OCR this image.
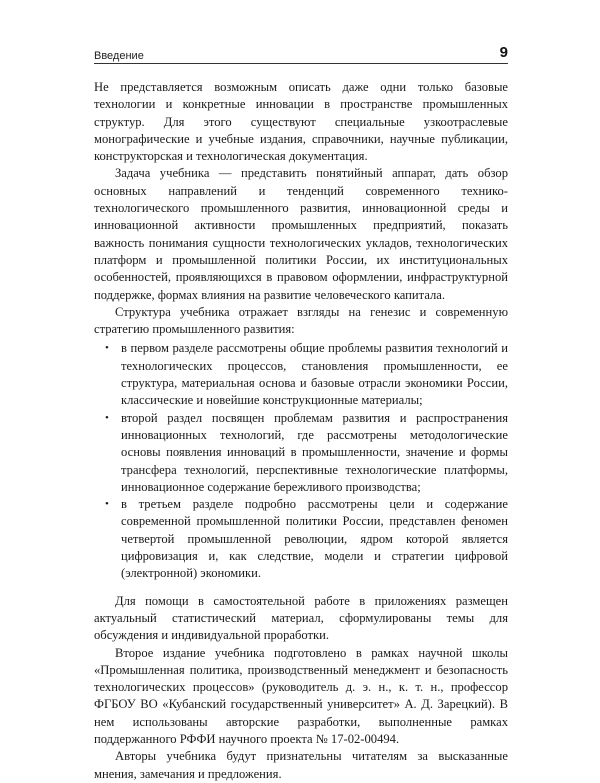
Введение	9

Не представляется возможным описать даже одни только базовые технологии и конкретные инновации в пространстве промышленных структур. Для этого существуют специальные узкоотраслевые монографические и учебные издания, справочники, научные публикации, конструкторская и технологическая документация.

Задача учебника — представить понятийный аппарат, дать обзор основных направлений и тенденций современного технико-технологического промышленного развития, инновационной среды и инновационной активности промышленных предприятий, показать важность понимания сущности технологических укладов, технологических платформ и промышленной политики России, их институциональных особенностей, проявляющихся в правовом оформлении, инфраструктурной поддержке, формах влияния на развитие человеческого капитала.

Структура учебника отражает взгляды на генезис и современную стратегию промышленного развития:

• в первом разделе рассмотрены общие проблемы развития технологий и технологических процессов, становления промышленности, ее структура, материальная основа и базовые отрасли экономики России, классические и новейшие конструкционные материалы;
• второй раздел посвящен проблемам развития и распространения инновационных технологий, где рассмотрены методологические основы появления инноваций в промышленности, значение и формы трансфера технологий, перспективные технологические платформы, инновационное содержание бережливого производства;
• в третьем разделе подробно рассмотрены цели и содержание современной промышленной политики России, представлен феномен четвертой промышленной революции, ядром которой является цифровизация и, как следствие, модели и стратегии цифровой (электронной) экономики.

Для помощи в самостоятельной работе в приложениях размещен актуальный статистический материал, сформулированы темы для обсуждения и индивидуальной проработки.

Второе издание учебника подготовлено в рамках научной школы «Промышленная политика, производственный менеджмент и безопасность технологических процессов» (руководитель д. э. н., к. т. н., профессор ФГБОУ ВО «Кубанский государственный университет» А. Д. Зарецкий). В нем использованы авторские разработки, выполненные рамках поддержанного РФФИ научного проекта № 17-02-00494.

Авторы учебника будут признательны читателям за высказанные мнения, замечания и предложения.
